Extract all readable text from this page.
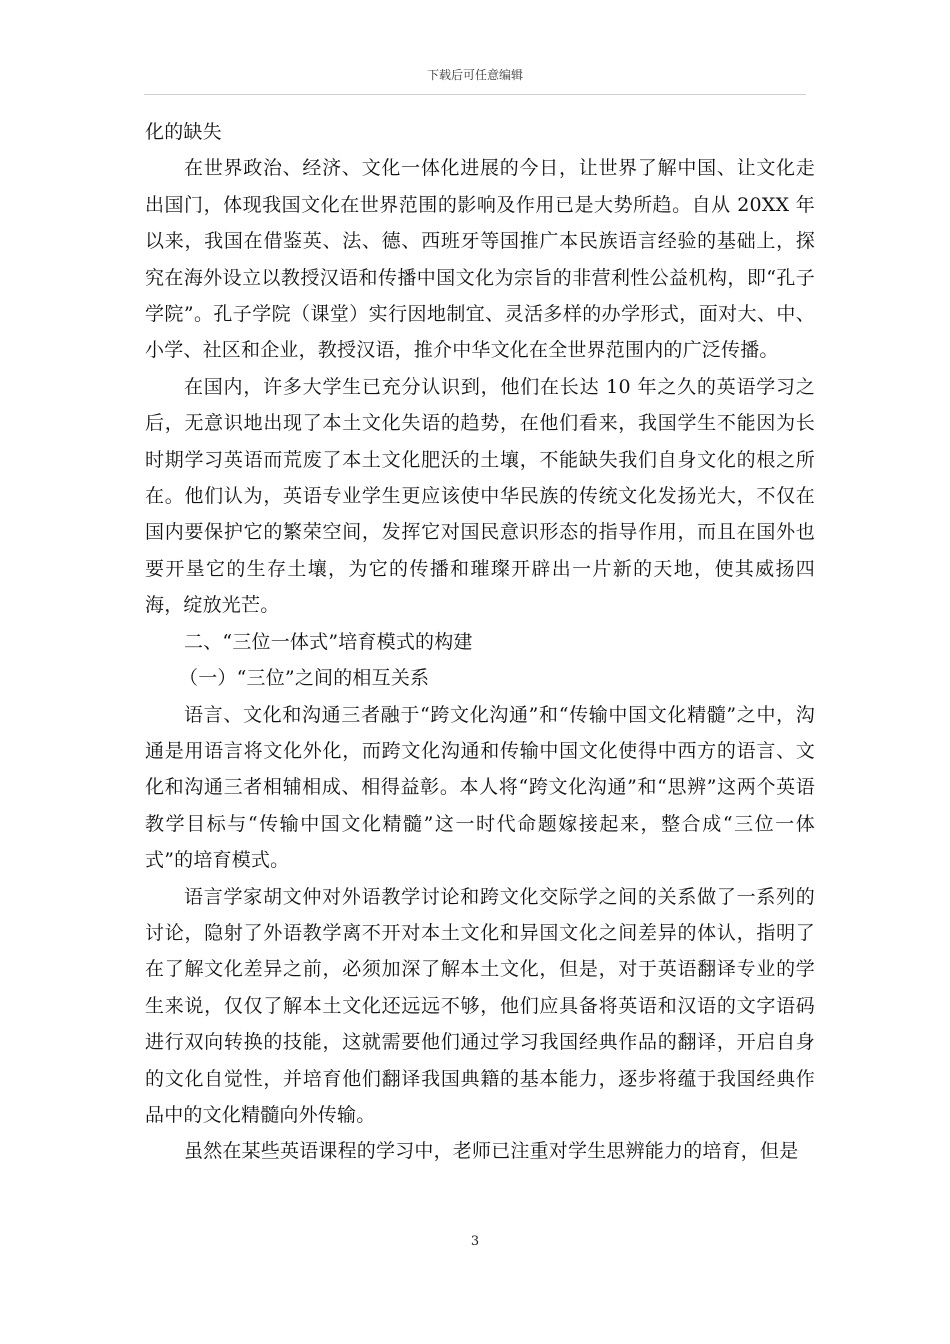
下载后可任意编辑

化的缺失

在世界政治、经济、文化一体化进展的今日，让世界了解中国、让文化走出国门，体现我国文化在世界范围的影响及作用已是大势所趋。自从 20XX 年以来，我国在借鉴英、法、德、西班牙等国推广本民族语言经验的基础上，探究在海外设立以教授汉语和传播中国文化为宗旨的非营利性公益机构，即“孔子学院”。孔子学院（课堂）实行因地制宜、灵活多样的办学形式，面对大、中、小学、社区和企业，教授汉语，推介中华文化在全世界范围内的广泛传播。

在国内，许多大学生已充分认识到，他们在长达 10 年之久的英语学习之后，无意识地出现了本土文化失语的趋势，在他们看来，我国学生不能因为长时期学习英语而荒废了本土文化肥沃的土壤，不能缺失我们自身文化的根之所在。他们认为，英语专业学生更应该使中华民族的传统文化发扬光大，不仅在国内要保护它的繁荣空间，发挥它对国民意识形态的指导作用，而且在国外也要开垦它的生存土壤，为它的传播和璀璨开辟出一片新的天地，使其威扬四海，绽放光芒。

二、“三位一体式”培育模式的构建

（一）“三位”之间的相互关系

语言、文化和沟通三者融于“跨文化沟通”和“传输中国文化精髓”之中，沟通是用语言将文化外化，而跨文化沟通和传输中国文化使得中西方的语言、文化和沟通三者相辅相成、相得益彰。本人将“跨文化沟通”和“思辨”这两个英语教学目标与“传输中国文化精髓”这一时代命题嫁接起来，整合成“三位一体式”的培育模式。

语言学家胡文仲对外语教学讨论和跨文化交际学之间的关系做了一系列的讨论，隐射了外语教学离不开对本土文化和异国文化之间差异的体认，指明了在了解文化差异之前，必须加深了解本土文化，但是，对于英语翻译专业的学生来说，仅仅了解本土文化还远远不够，他们应具备将英语和汉语的文字语码进行双向转换的技能，这就需要他们通过学习我国经典作品的翻译，开启自身的文化自觉性，并培育他们翻译我国典籍的基本能力，逐步将蕴于我国经典作品中的文化精髓向外传输。

虽然在某些英语课程的学习中，老师已注重对学生思辨能力的培育，但是

3
